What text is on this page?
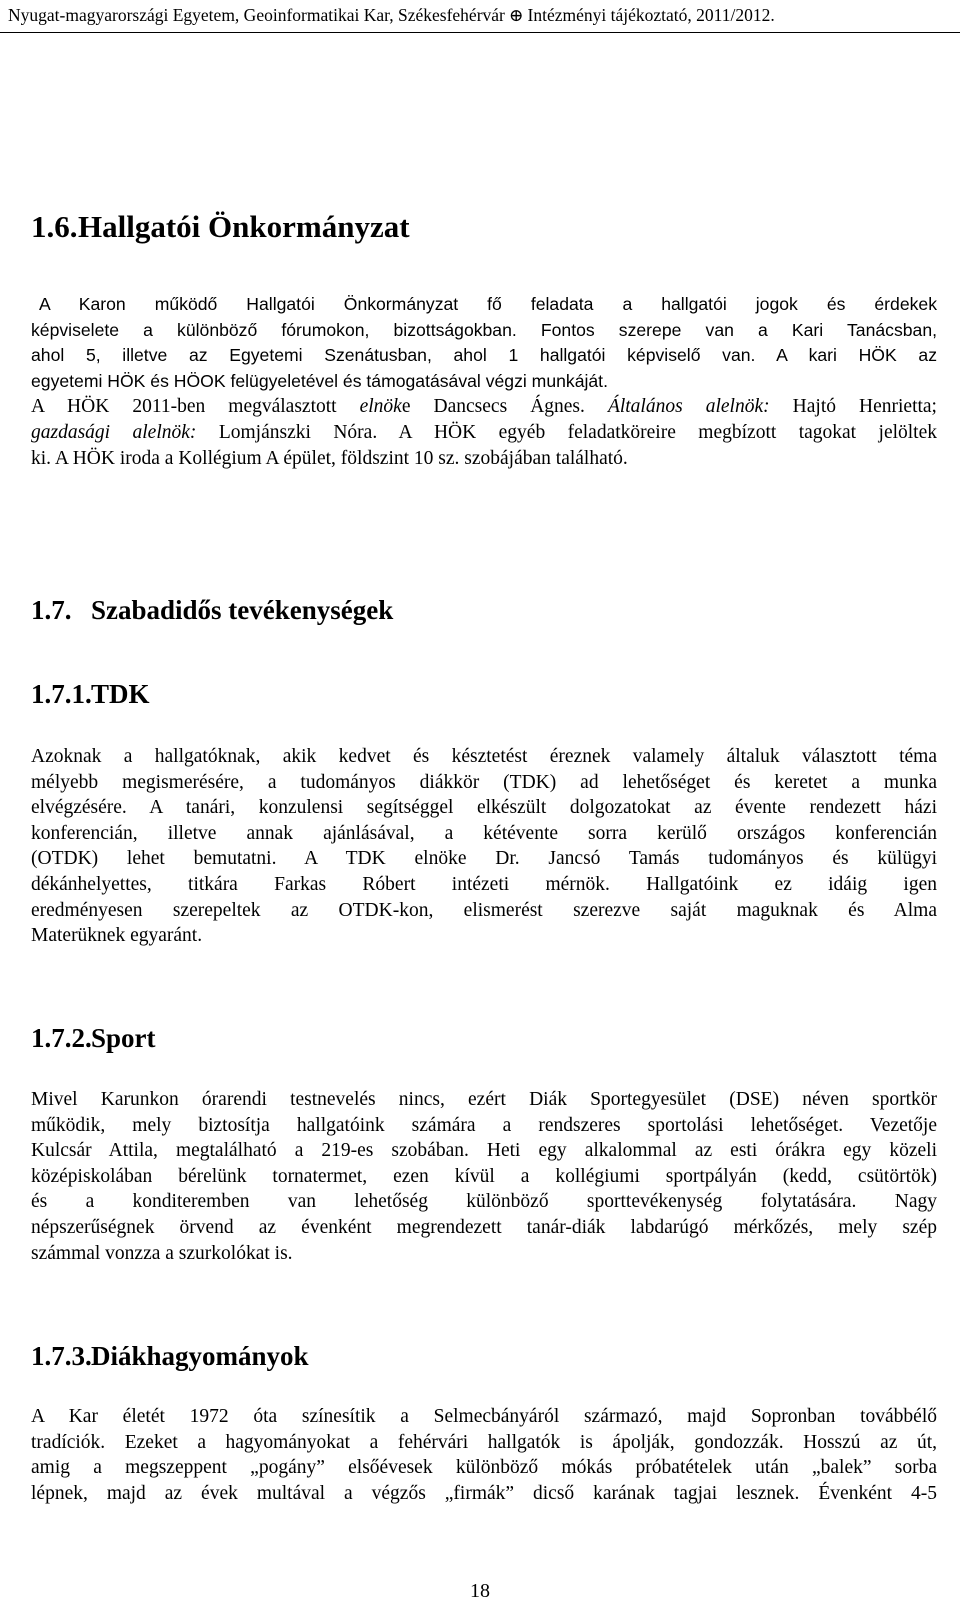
Nyugat-magyarországi Egyetem, Geoinformatikai Kar, Székesfehérvár ⊕ Intézményi tájékoztató, 2011/2012.
1.6.Hallgatói Önkormányzat
A Karon működő Hallgatói Önkormányzat fő feladata a hallgatói jogok és érdekek
képviselete a különböző fórumokon, bizottságokban. Fontos szerepe van a Kari Tanácsban,
ahol 5, illetve az Egyetemi Szenátusban, ahol 1 hallgatói képviselő van. A kari HÖK az
egyetemi HÖK és HÖOK felügyeletével és támogatásával végzi munkáját.
A HÖK 2011-ben megválasztott elnöke Dancsecs Ágnes. Általános alelnök: Hajtó Henrietta;
gazdasági alelnök: Lomjánszki Nóra. A HÖK egyéb feladatköreire megbízott tagokat jelöltek
ki. A HÖK iroda a Kollégium A épület, földszint 10 sz. szobájában található.
1.7. Szabadidős tevékenységek
1.7.1.TDK
Azoknak a hallgatóknak, akik kedvet és késztetést éreznek valamely általuk választott téma
mélyebb megismerésére, a tudományos diákkör (TDK) ad lehetőséget és keretet a munka
elvégzésére. A tanári, konzulensi segítséggel elkészült dolgozatokat az évente rendezett házi
konferencián, illetve annak ajánlásával, a kétévente sorra kerülő országos konferencián
(OTDK) lehet bemutatni. A TDK elnöke Dr. Jancsó Tamás tudományos és külügyi
dékánhelyettes, titkára Farkas Róbert intézeti mérnök. Hallgatóink ez idáig igen
eredményesen szerepeltek az OTDK-kon, elismerést szerezve saját maguknak és Alma
Materüknek egyaránt.
1.7.2.Sport
Mivel Karunkon órarendi testnevelés nincs, ezért Diák Sportegyesület (DSE) néven sportkör
működik, mely biztosítja hallgatóink számára a rendszeres sportolási lehetőséget. Vezetője
Kulcsár Attila, megtalálható a 219-es szobában. Heti egy alkalommal az esti órákra egy közeli
középiskolában bérelünk tornatermet, ezen kívül a kollégiumi sportpályán (kedd, csütörtök)
és a konditeremben van lehetőség különböző sporttevékenység folytatására. Nagy
népszerűségnek örvend az évenként megrendezett tanár-diák labdarúgó mérkőzés, mely szép
számmal vonzza a szurkolókat is.
1.7.3.Diákhagyományok
A Kar életét 1972 óta színesítik a Selmecbányáról származó, majd Sopronban továbbélő
tradíciók. Ezeket a hagyományokat a fehérvári hallgatók is ápolják, gondozzák. Hosszú az út,
amig a megszeppent „pogány” elsőévesek különböző mókás próbatételek után „balek” sorba
lépnek, majd az évek multával a végzős „firmák” dicső karának tagjai lesznek. Évenként 4-5
18
